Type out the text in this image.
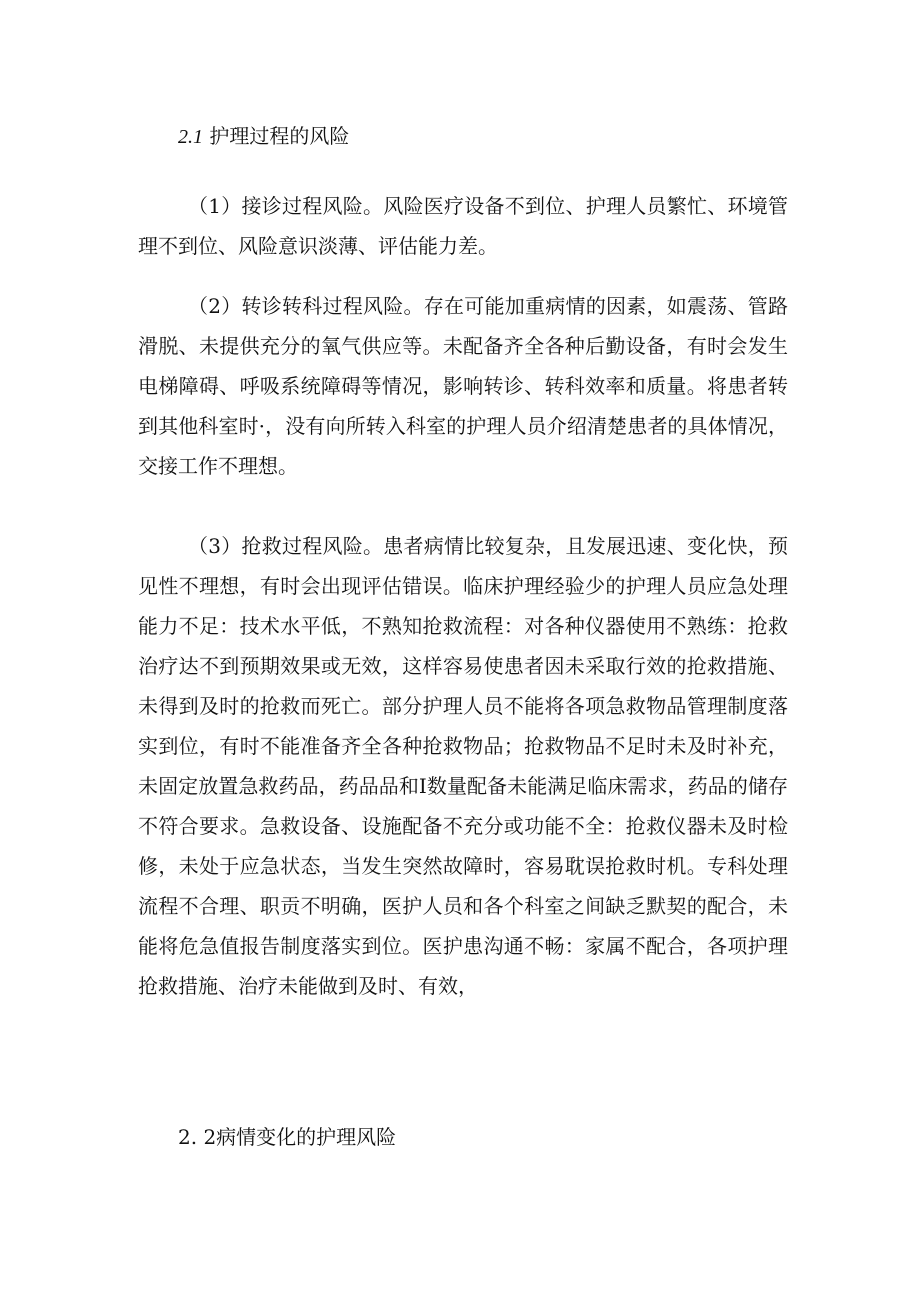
2.1 护理过程的风险

（1）接诊过程风险。风险医疗设备不到位、护理人员繁忙、环境管理不到位、风险意识淡薄、评估能力差。

（2）转诊转科过程风险。存在可能加重病情的因素，如震荡、管路滑脱、未提供充分的氧气供应等。未配备齐全各种后勤设备，有时会发生电梯障碍、呼吸系统障碍等情况，影响转诊、转科效率和质量。将患者转到其他科室时·，没有向所转入科室的护理人员介绍清楚患者的具体情况，交接工作不理想。

（3）抢救过程风险。患者病情比较复杂，且发展迅速、变化快，预见性不理想，有时会出现评估错误。临床护理经验少的护理人员应急处理能力不足：技术水平低，不熟知抢救流程：对各种仪器使用不熟练：抢救治疗达不到预期效果或无效，这样容易使患者因未采取行效的抢救措施、未得到及时的抢救而死亡。部分护理人员不能将各项急救物品管理制度落实到位，有时不能准备齐全各种抢救物品；抢救物品不足时未及时补充，未固定放置急救药品，药品品和I数量配备未能满足临床需求，药品的储存不符合要求。急救设备、设施配备不充分或功能不全：抢救仪器未及时检修，未处于应急状态，当发生突然故障时，容易耽误抢救时机。专科处理流程不合理、职贡不明确，医护人员和各个科室之间缺乏默契的配合，未能将危急值报告制度落实到位。医护患沟通不畅：家属不配合，各项护理抢救措施、治疗未能做到及时、有效，

2. 2病情变化的护理风险
